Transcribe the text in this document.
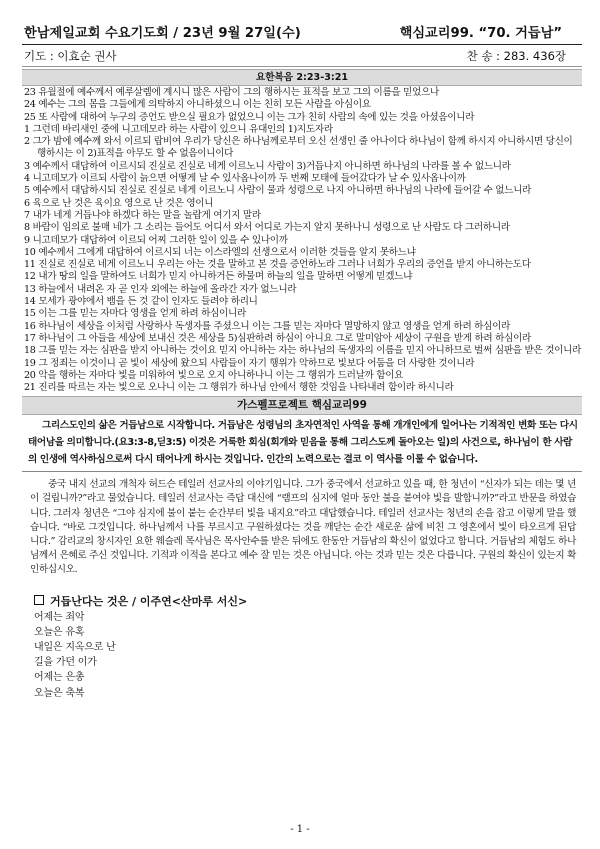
한남제일교회 수요기도회 / 23년 9월 27일(수)	핵심교리99. “70. 거듭남”
기도 : 이효순 권사	찬 송 : 283. 436장
요한복음 2:23-3:21
23 유월절에 예수께서 예루살렘에 계시니 많은 사람이 그의 행하시는 표적을 보고 그의 이름을 믿었으나
24 예수는 그의 몸을 그들에게 의탁하지 아니하셨으니 이는 친히 모든 사람을 아심이요
25 또 사람에 대하여 누구의 증언도 받으실 필요가 없었으니 이는 그가 친히 사람의 속에 있는 것을 아셨음이니라
1 그런데 바리새인 중에 니고데모라 하는 사람이 있으니 유대인의 1)지도자라
2 그가 밤에 예수께 와서 이르되 랍비여 우리가 당신은 하나님께로부터 오신 선생인 줄 아나이다 하나님이 함께 하시지 아니하시면 당신이 행하시는 이 2)표적을 아무도 할 수 없음이니이다
3 예수께서 대답하여 이르시되 진실로 진실로 네게 이르노니 사람이 3)거듭나지 아니하면 하나님의 나라를 볼 수 없느니라
4 니고데모가 이르되 사람이 늙으면 어떻게 날 수 있사옵나이까 두 번째 모태에 들어갔다가 날 수 있사옵나이까
5 예수께서 대답하시되 진실로 진실로 네게 이르노니 사람이 물과 성령으로 나지 아니하면 하나님의 나라에 들어갈 수 없느니라
6 육으로 난 것은 육이요 영으로 난 것은 영이니
7 내가 네게 거듭나야 하겠다 하는 말을 놀랍게 여기지 말라
8 바람이 임의로 불매 네가 그 소리는 들어도 어디서 와서 어디로 가는지 알지 못하나니 성령으로 난 사람도 다 그러하니라
9 니고데모가 대답하여 이르되 어찌 그러한 일이 있을 수 있나이까
10 예수께서 그에게 대답하여 이르시되 너는 이스라엘의 선생으로서 이러한 것들을 알지 못하느냐
11 진실로 진실로 네게 이르노니 우리는 아는 것을 말하고 본 것을 증언하노라 그러나 너희가 우리의 증언을 받지 아니하는도다
12 내가 땅의 일을 말하여도 너희가 믿지 아니하거든 하물며 하늘의 일을 말하면 어떻게 믿겠느냐
13 하늘에서 내려온 자 곧 인자 외에는 하늘에 올라간 자가 없느니라
14 모세가 광야에서 뱀을 든 것 같이 인자도 들려야 하리니
15 이는 그를 믿는 자마다 영생을 얻게 하려 하심이니라
16 하나님이 세상을 이처럼 사랑하사 독생자를 주셨으니 이는 그를 믿는 자마다 멸망하지 않고 영생을 얻게 하려 하심이라
17 하나님이 그 아들을 세상에 보내신 것은 세상을 5)심판하려 하심이 아니요 그로 말미암아 세상이 구원을 받게 하려 하심이라
18 그를 믿는 자는 심판을 받지 아니하는 것이요 믿지 아니하는 자는 하나님의 독생자의 이름을 믿지 아니하므로 벌써 심판을 받은 것이니라
19 그 정죄는 이것이니 곧 빛이 세상에 왔으되 사람들이 자기 행위가 악하므로 빛보다 어둠을 더 사랑한 것이니라
20 악을 행하는 자마다 빛을 미워하여 빛으로 오지 아니하나니 이는 그 행위가 드러날까 함이요
21 진리를 따르는 자는 빛으로 오나니 이는 그 행위가 하나님 안에서 행한 것임을 나타내려 함이라 하시니라
가스펠프로젝트 핵심교리99
그리스도인의 삶은 거듭남으로 시작합니다. 거듭남은 성령님의 초자연적인 사역을 통해 개개인에게 일어나는 기적적인 변화 또는 다시 태어남을 의미합니다.(요3:3-8,딛3:5) 이것은 거룩한 회심(회개와 믿음을 통해 그리스도께 돌아오는 일)의 사건으로, 하나님이 한 사람의 인생에 역사하심으로써 다시 태어나게 하시는 것입니다. 인간의 노력으로는 결코 이 역사를 이룰 수 없습니다.
중국 내지 선교의 개척자 허드슨 테일러 선교사의 이야기입니다. 그가 중국에서 선교하고 있을 때, 한 청년이 “신자가 되는 데는 몇 년이 걸립니까?”라고 물었습니다. 테일러 선교사는 즉답 대신에 “램프의 심지에 얼마 동안 불을 붙여야 빛을 발합니까?”라고 반문을 하였습니다. 그러자 청년은 “그야 심지에 불이 붙는 순간부터 빛을 내지요”라고 대답했습니다. 테일러 선교사는 청년의 손을 잡고 이렇게 말을 했습니다. “바로 그것입니다. 하나님께서 나를 부르시고 구원하셨다는 것을 깨닫는 순간 새로운 삶에 비친 그 영혼에서 빛이 타오르게 된답니다.” 감리교의 창시자인 요한 웨슬레 목사님은 목사안수를 받은 뒤에도 한동안 거듭남의 확신이 없었다고 합니다. 거듭남의 체험도 하나님께서 은혜로 주신 것입니다. 기적과 이적을 본다고 예수 잘 믿는 것은 아닙니다. 아는 것과 믿는 것은 다릅니다. 구원의 확신이 있는지 확인하십시오.
거듭난다는 것은 / 이주연<산마루 서신>
어제는 죄악
오늘은 유혹
내일은 지옥으로 난
길을 가던 이가
어제는 은총
오늘은 축복
- 1 -
